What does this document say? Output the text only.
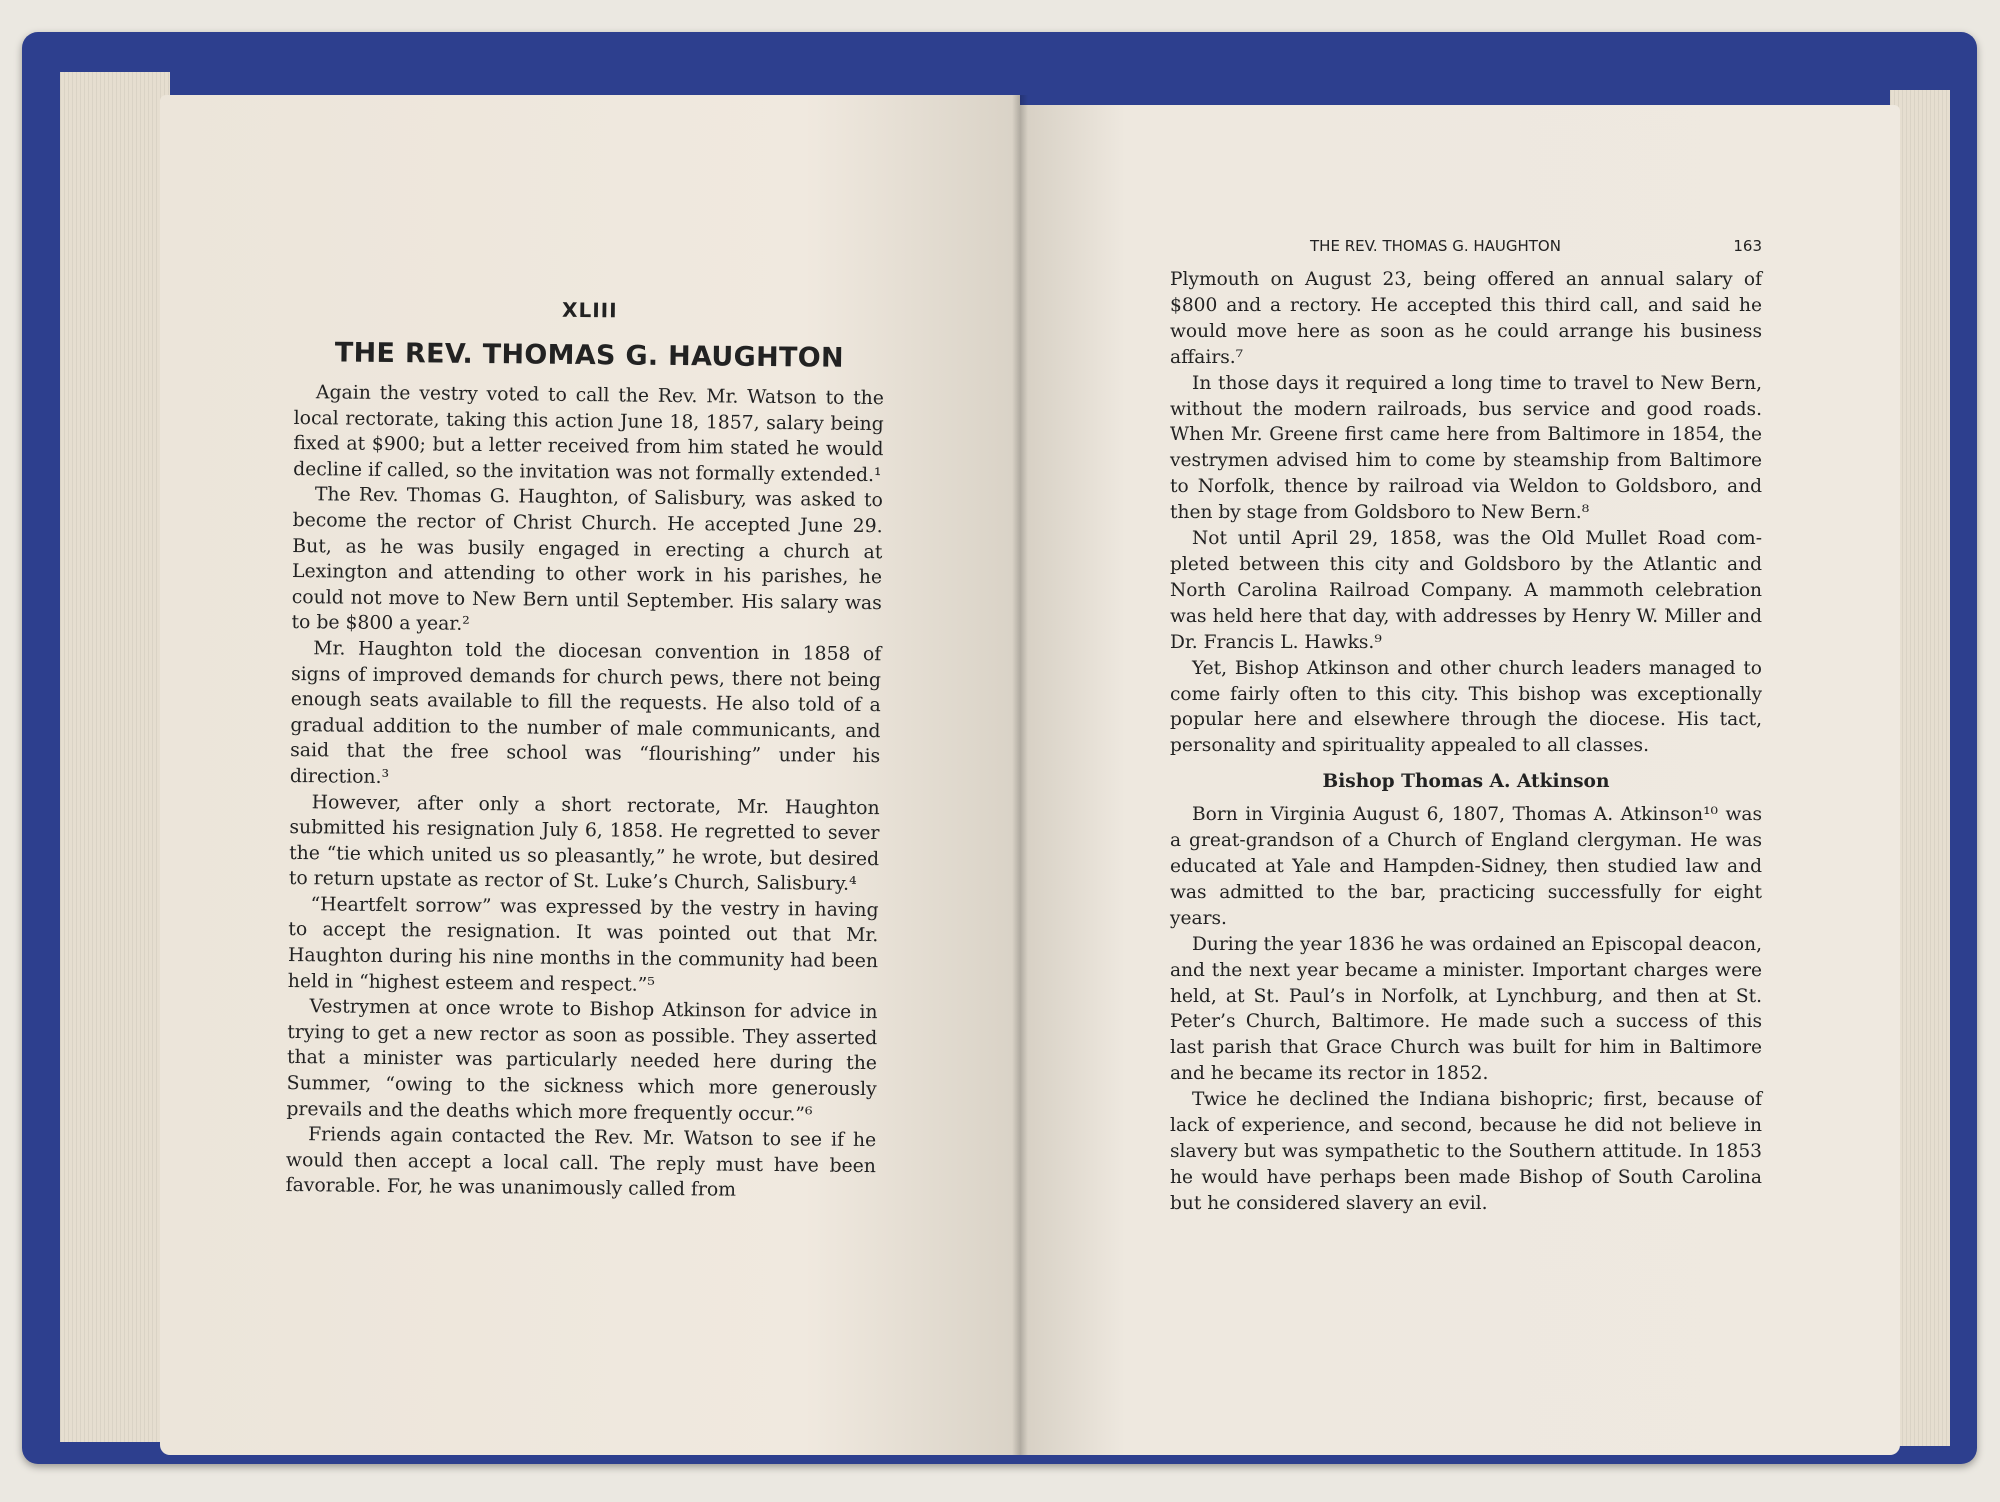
XLIII
THE REV. THOMAS G. HAUGHTON

Again the vestry voted to call the Rev. Mr. Watson to the local rectorate, taking this action June 18, 1857, salary being fixed at $900; but a letter received from him stated he would decline if called, so the invitation was not formally extended.¹

The Rev. Thomas G. Haughton, of Salisbury, was asked to become the rector of Christ Church. He accepted June 29. But, as he was busily engaged in erecting a church at Lexington and attending to other work in his parishes, he could not move to New Bern until September. His salary was to be $800 a year.²

Mr. Haughton told the diocesan convention in 1858 of signs of improved demands for church pews, there not being enough seats available to fill the requests. He also told of a gradual addition to the number of male communicants, and said that the free school was “flourishing” under his direction.³

However, after only a short rectorate, Mr. Haughton submitted his resignation July 6, 1858. He regretted to sever the “tie which united us so pleasantly,” he wrote, but desired to return upstate as rector of St. Luke’s Church, Salisbury.⁴

“Heartfelt sorrow” was expressed by the vestry in having to accept the resignation. It was pointed out that Mr. Haughton during his nine months in the community had been held in “highest esteem and respect.”⁵

Vestrymen at once wrote to Bishop Atkinson for advice in trying to get a new rector as soon as possible. They asserted that a minister was particularly needed here during the Summer, “owing to the sickness which more generously prevails and the deaths which more frequently occur.”⁶

Friends again contacted the Rev. Mr. Watson to see if he would then accept a local call. The reply must have been favorable. For, he was unanimously called from

THE REV. THOMAS G. HAUGHTON	163

Plymouth on August 23, being offered an annual salary of $800 and a rectory. He accepted this third call, and said he would move here as soon as he could arrange his business affairs.⁷

In those days it required a long time to travel to New Bern, without the modern railroads, bus service and good roads. When Mr. Greene first came here from Baltimore in 1854, the vestrymen advised him to come by steamship from Baltimore to Norfolk, thence by railroad via Weldon to Goldsboro, and then by stage from Goldsboro to New Bern.⁸

Not until April 29, 1858, was the Old Mullet Road completed between this city and Goldsboro by the Atlantic and North Carolina Railroad Company. A mammoth celebration was held here that day, with addresses by Henry W. Miller and Dr. Francis L. Hawks.⁹

Yet, Bishop Atkinson and other church leaders managed to come fairly often to this city. This bishop was exceptionally popular here and elsewhere through the diocese. His tact, personality and spirituality appealed to all classes.

Bishop Thomas A. Atkinson

Born in Virginia August 6, 1807, Thomas A. Atkinson¹⁰ was a great-grandson of a Church of England clergyman. He was educated at Yale and Hampden-Sidney, then studied law and was admitted to the bar, practicing successfully for eight years.

During the year 1836 he was ordained an Episcopal deacon, and the next year became a minister. Important charges were held, at St. Paul’s in Norfolk, at Lynchburg, and then at St. Peter’s Church, Baltimore. He made such a success of this last parish that Grace Church was built for him in Baltimore and he became its rector in 1852.

Twice he declined the Indiana bishopric; first, because of lack of experience, and second, because he did not believe in slavery but was sympathetic to the Southern attitude. In 1853 he would have perhaps been made Bishop of South Carolina but he considered slavery an evil.
